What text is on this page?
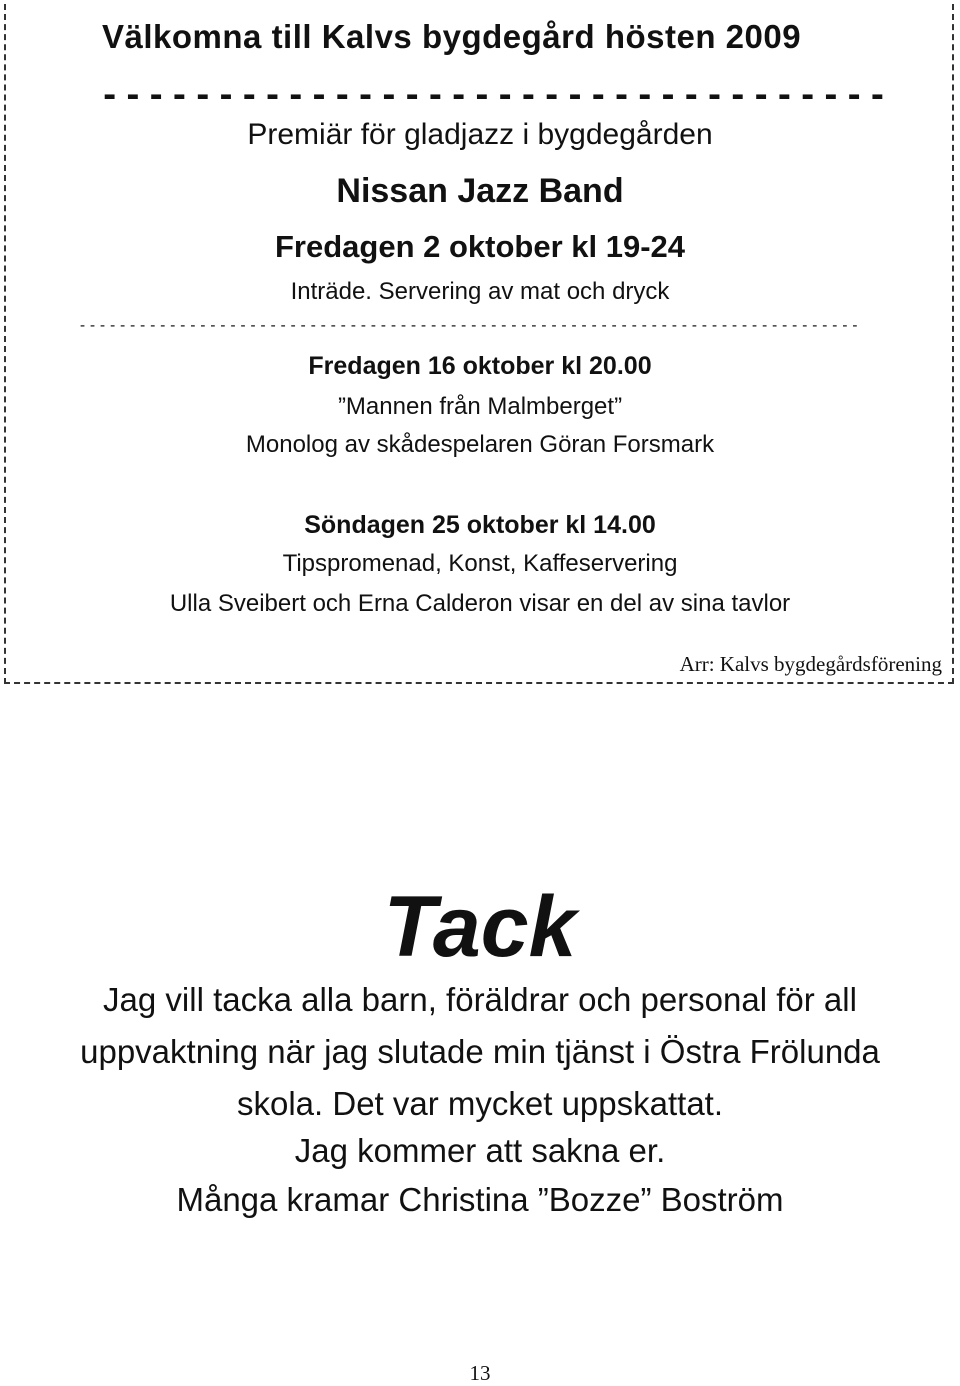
Välkomna till Kalvs bygdegård hösten 2009
----------------------------------
Premiär för gladjazz i bygdegården
Nissan Jazz Band
Fredagen 2 oktober kl 19-24
Inträde. Servering av mat och dryck
------------------------------------------------------------------------------
Fredagen 16 oktober kl 20.00
”Mannen från Malmberget”
Monolog av skådespelaren Göran Forsmark
Söndagen 25 oktober kl 14.00
Tipspromenad, Konst, Kaffeservering
Ulla Sveibert och Erna Calderon visar en del av sina tavlor
Arr: Kalvs bygdegårdsförening
Tack
Jag vill tacka alla barn, föräldrar och personal för all
uppvaktning när jag slutade min tjänst i Östra Frölunda
skola. Det var mycket uppskattat.
Jag kommer att sakna er.
Många kramar Christina ”Bozze” Boström
13
